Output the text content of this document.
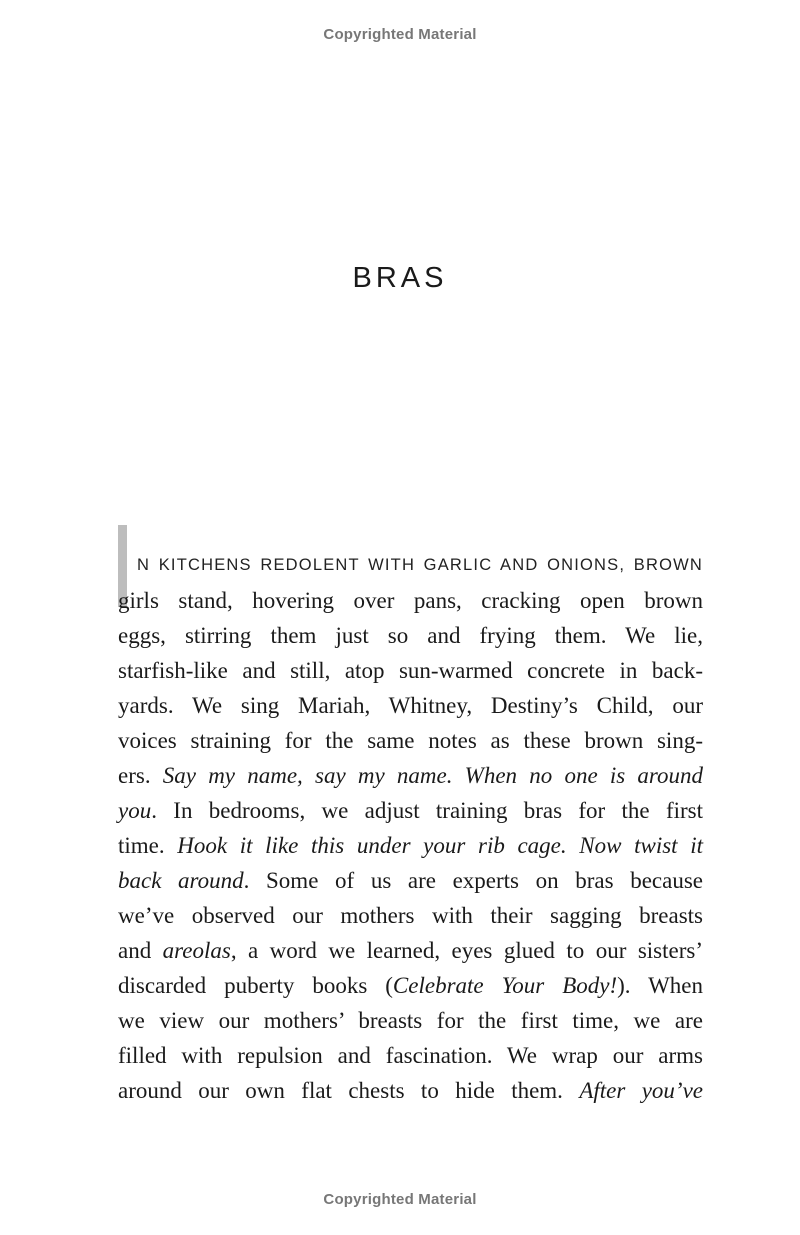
Copyrighted Material
BRAS
N KITCHENS REDOLENT WITH GARLIC AND ONIONS, BROWN
girls stand, hovering over pans, cracking open brown
eggs, stirring them just so and frying them. We lie,
starfish-like and still, atop sun-warmed concrete in back-
yards. We sing Mariah, Whitney, Destiny’s Child, our
voices straining for the same notes as these brown sing-
ers. Say my name, say my name. When no one is around
you. In bedrooms, we adjust training bras for the first
time. Hook it like this under your rib cage. Now twist it
back around. Some of us are experts on bras because
we’ve observed our mothers with their sagging breasts
and areolas, a word we learned, eyes glued to our sisters’
discarded puberty books (Celebrate Your Body!). When
we view our mothers’ breasts for the first time, we are
filled with repulsion and fascination. We wrap our arms
around our own flat chests to hide them. After you’ve
Copyrighted Material
